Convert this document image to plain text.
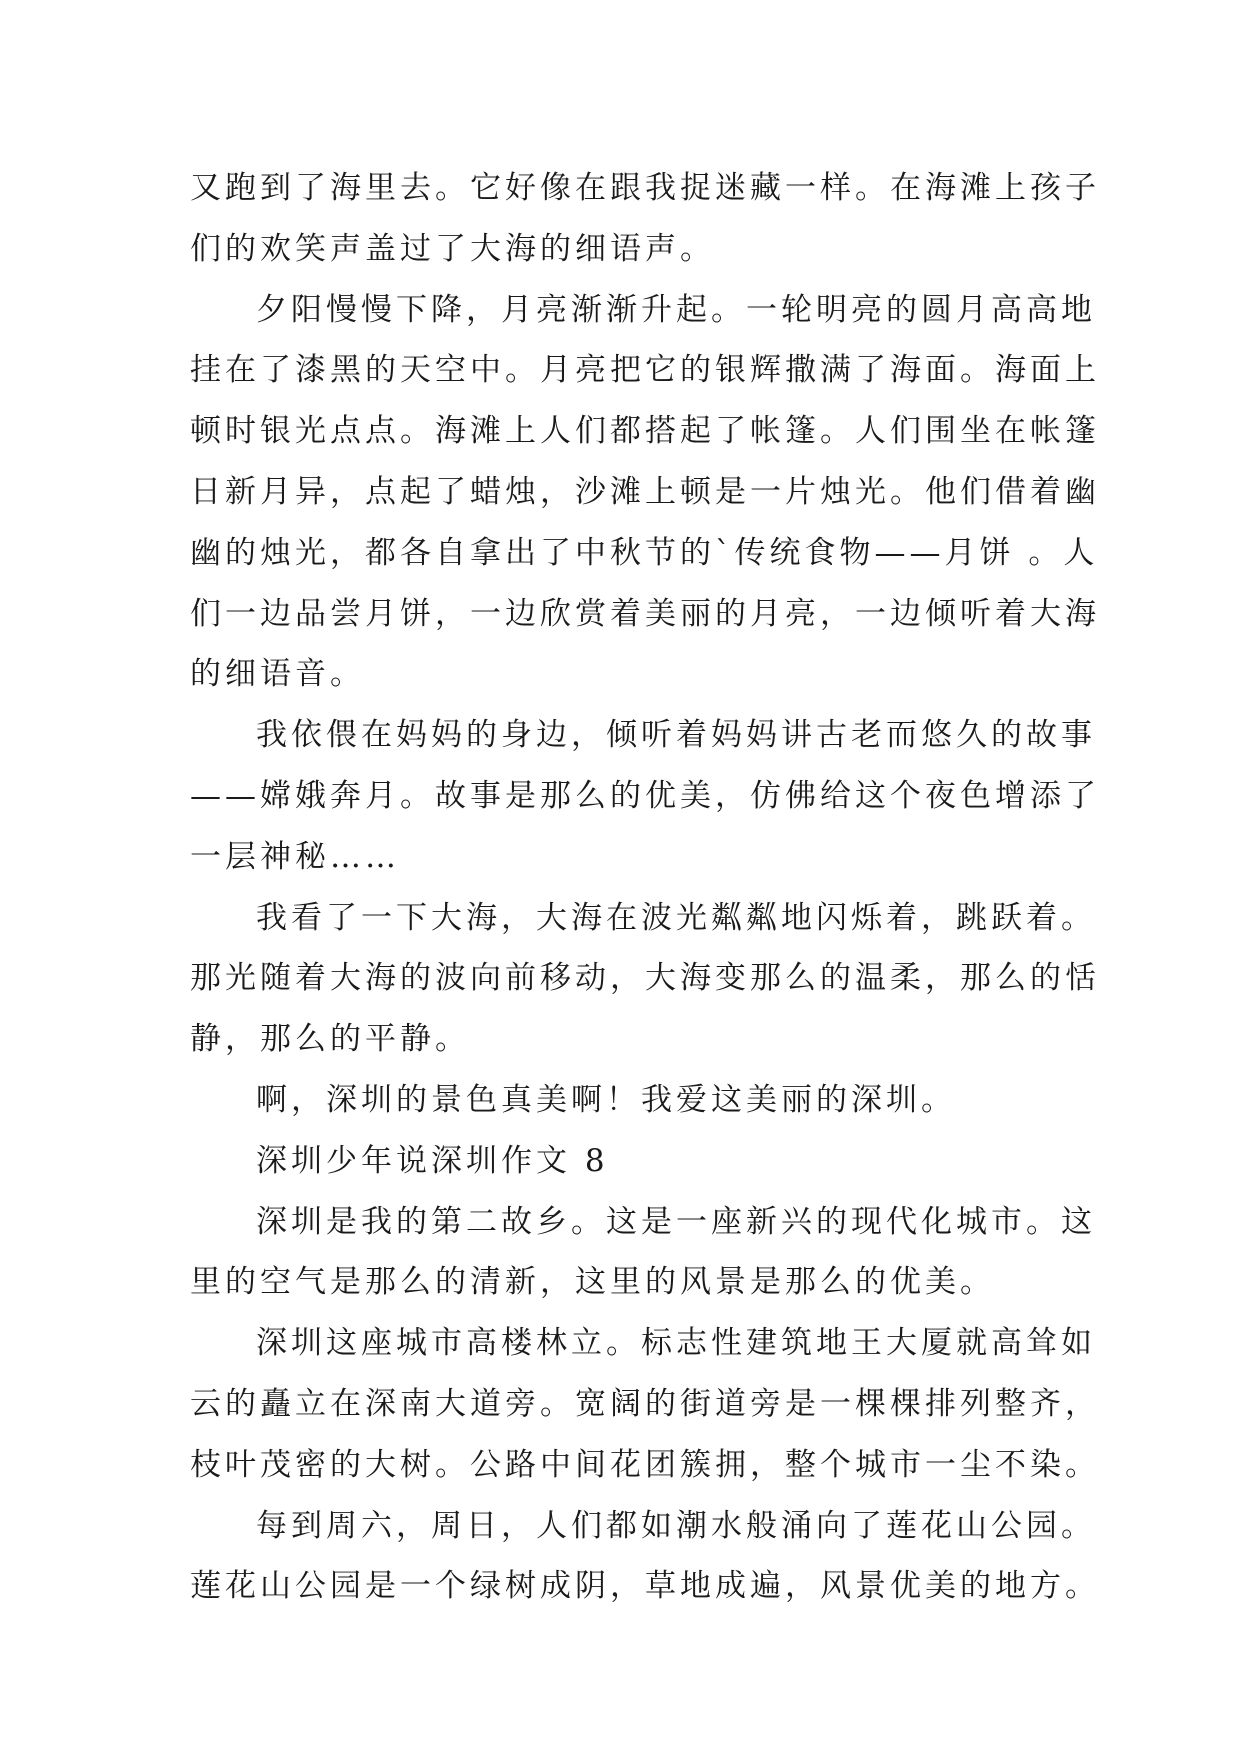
又跑到了海里去。它好像在跟我捉迷藏一样。在海滩上孩子
们的欢笑声盖过了大海的细语声。
夕阳慢慢下降，月亮渐渐升起。一轮明亮的圆月高高地
挂在了漆黑的天空中。月亮把它的银辉撒满了海面。海面上
顿时银光点点。海滩上人们都搭起了帐篷。人们围坐在帐篷
日新月异，点起了蜡烛，沙滩上顿是一片烛光。他们借着幽
幽的烛光，都各自拿出了中秋节的`传统食物——月饼 。人
们一边品尝月饼，一边欣赏着美丽的月亮，一边倾听着大海
的细语音。
我依偎在妈妈的身边，倾听着妈妈讲古老而悠久的故事
——嫦娥奔月。故事是那么的优美，仿佛给这个夜色增添了
一层神秘……
我看了一下大海，大海在波光粼粼地闪烁着，跳跃着。
那光随着大海的波向前移动，大海变那么的温柔，那么的恬
静，那么的平静。
啊，深圳的景色真美啊！我爱这美丽的深圳。
深圳少年说深圳作文 8
深圳是我的第二故乡。这是一座新兴的现代化城市。这
里的空气是那么的清新，这里的风景是那么的优美。
深圳这座城市高楼林立。标志性建筑地王大厦就高耸如
云的矗立在深南大道旁。宽阔的街道旁是一棵棵排列整齐，
枝叶茂密的大树。公路中间花团簇拥，整个城市一尘不染。
每到周六，周日，人们都如潮水般涌向了莲花山公园。
莲花山公园是一个绿树成阴，草地成遍，风景优美的地方。
